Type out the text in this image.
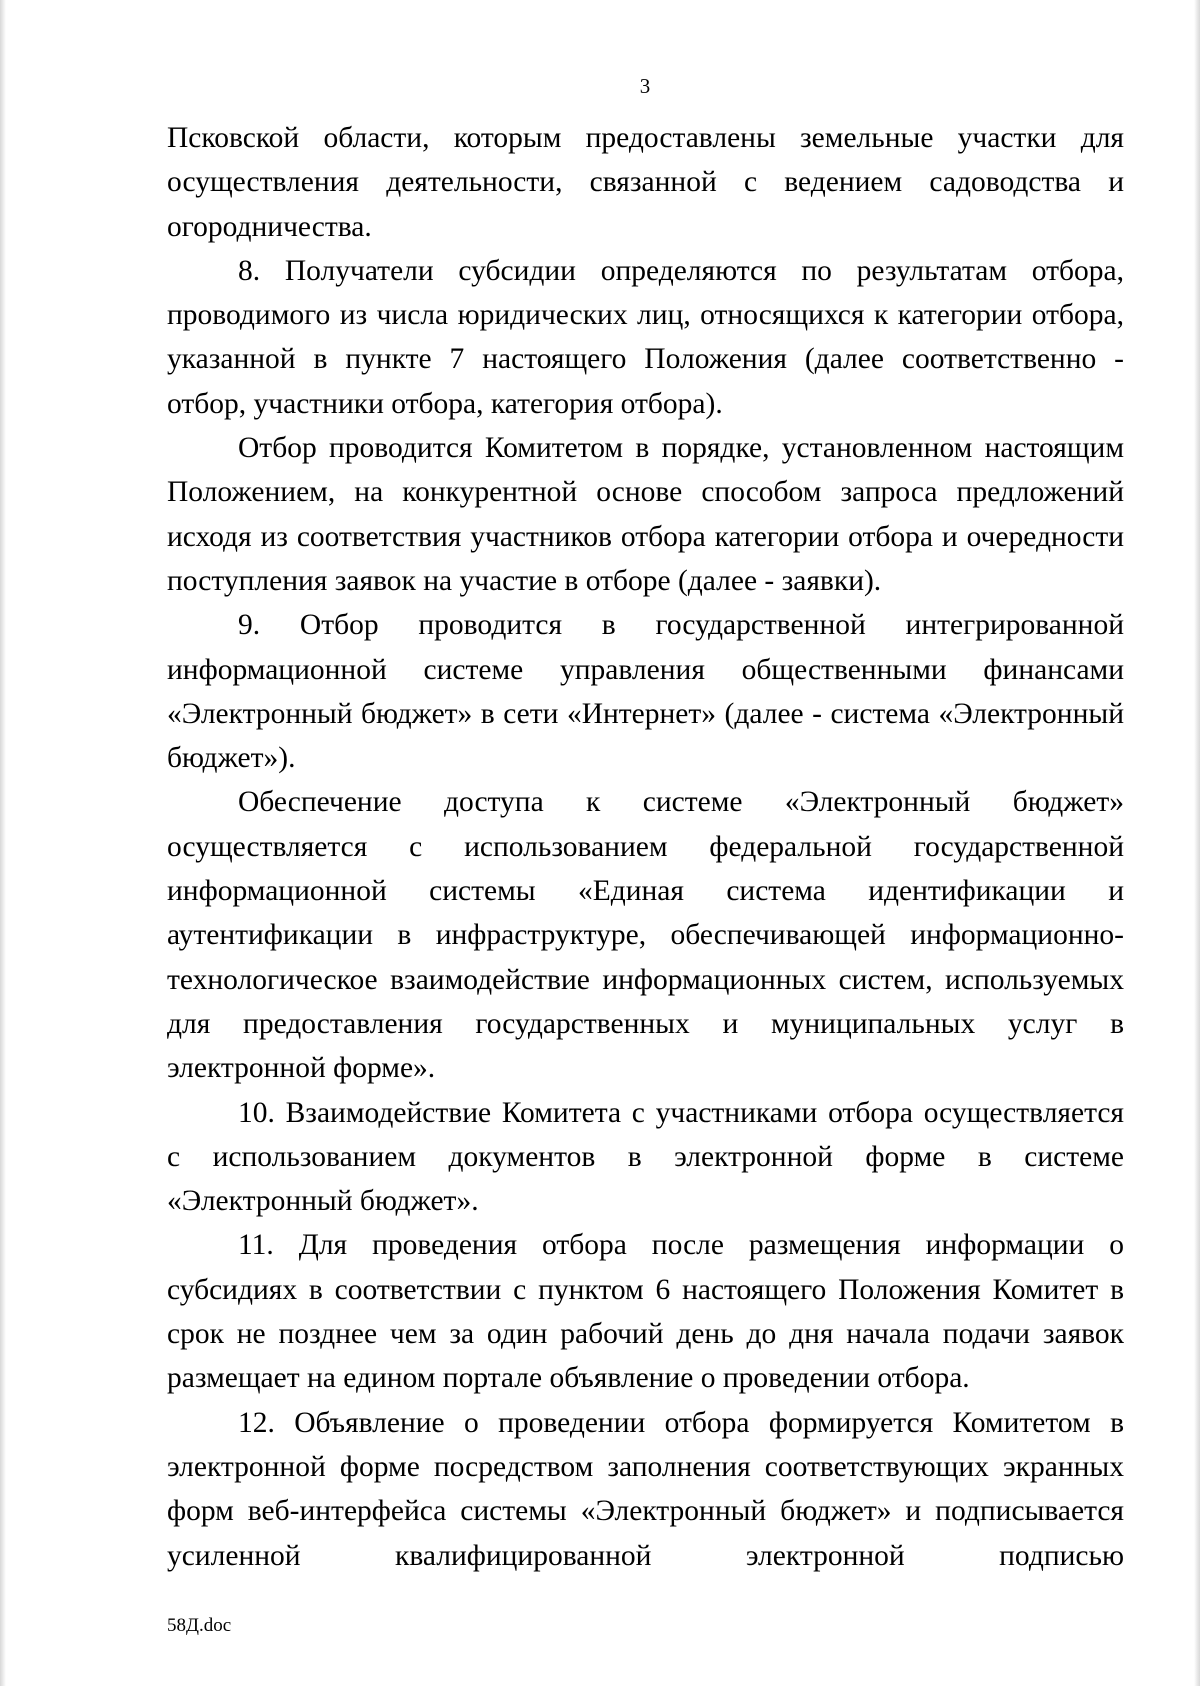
3

Псковской области, которым предоставлены земельные участки для осуществления деятельности, связанной с ведением садоводства и огородничества.

8. Получатели субсидии определяются по результатам отбора, проводимого из числа юридических лиц, относящихся к категории отбора, указанной в пункте 7 настоящего Положения (далее соответственно - отбор, участники отбора, категория отбора).

Отбор проводится Комитетом в порядке, установленном настоящим Положением, на конкурентной основе способом запроса предложений исходя из соответствия участников отбора категории отбора и очередности поступления заявок на участие в отборе (далее - заявки).

9. Отбор проводится в государственной интегрированной информационной системе управления общественными финансами «Электронный бюджет» в сети «Интернет» (далее - система «Электронный бюджет»).

Обеспечение доступа к системе «Электронный бюджет» осуществляется с использованием федеральной государственной информационной системы «Единая система идентификации и аутентификации в инфраструктуре, обеспечивающей информационно-технологическое взаимодействие информационных систем, используемых для предоставления государственных и муниципальных услуг в электронной форме».

10. Взаимодействие Комитета с участниками отбора осуществляется с использованием документов в электронной форме в системе «Электронный бюджет».

11. Для проведения отбора после размещения информации о субсидиях в соответствии с пунктом 6 настоящего Положения Комитет в срок не позднее чем за один рабочий день до дня начала подачи заявок размещает на едином портале объявление о проведении отбора.

12. Объявление о проведении отбора формируется Комитетом в электронной форме посредством заполнения соответствующих экранных форм веб-интерфейса системы «Электронный бюджет» и подписывается усиленной квалифицированной электронной подписью

58Д.doc
